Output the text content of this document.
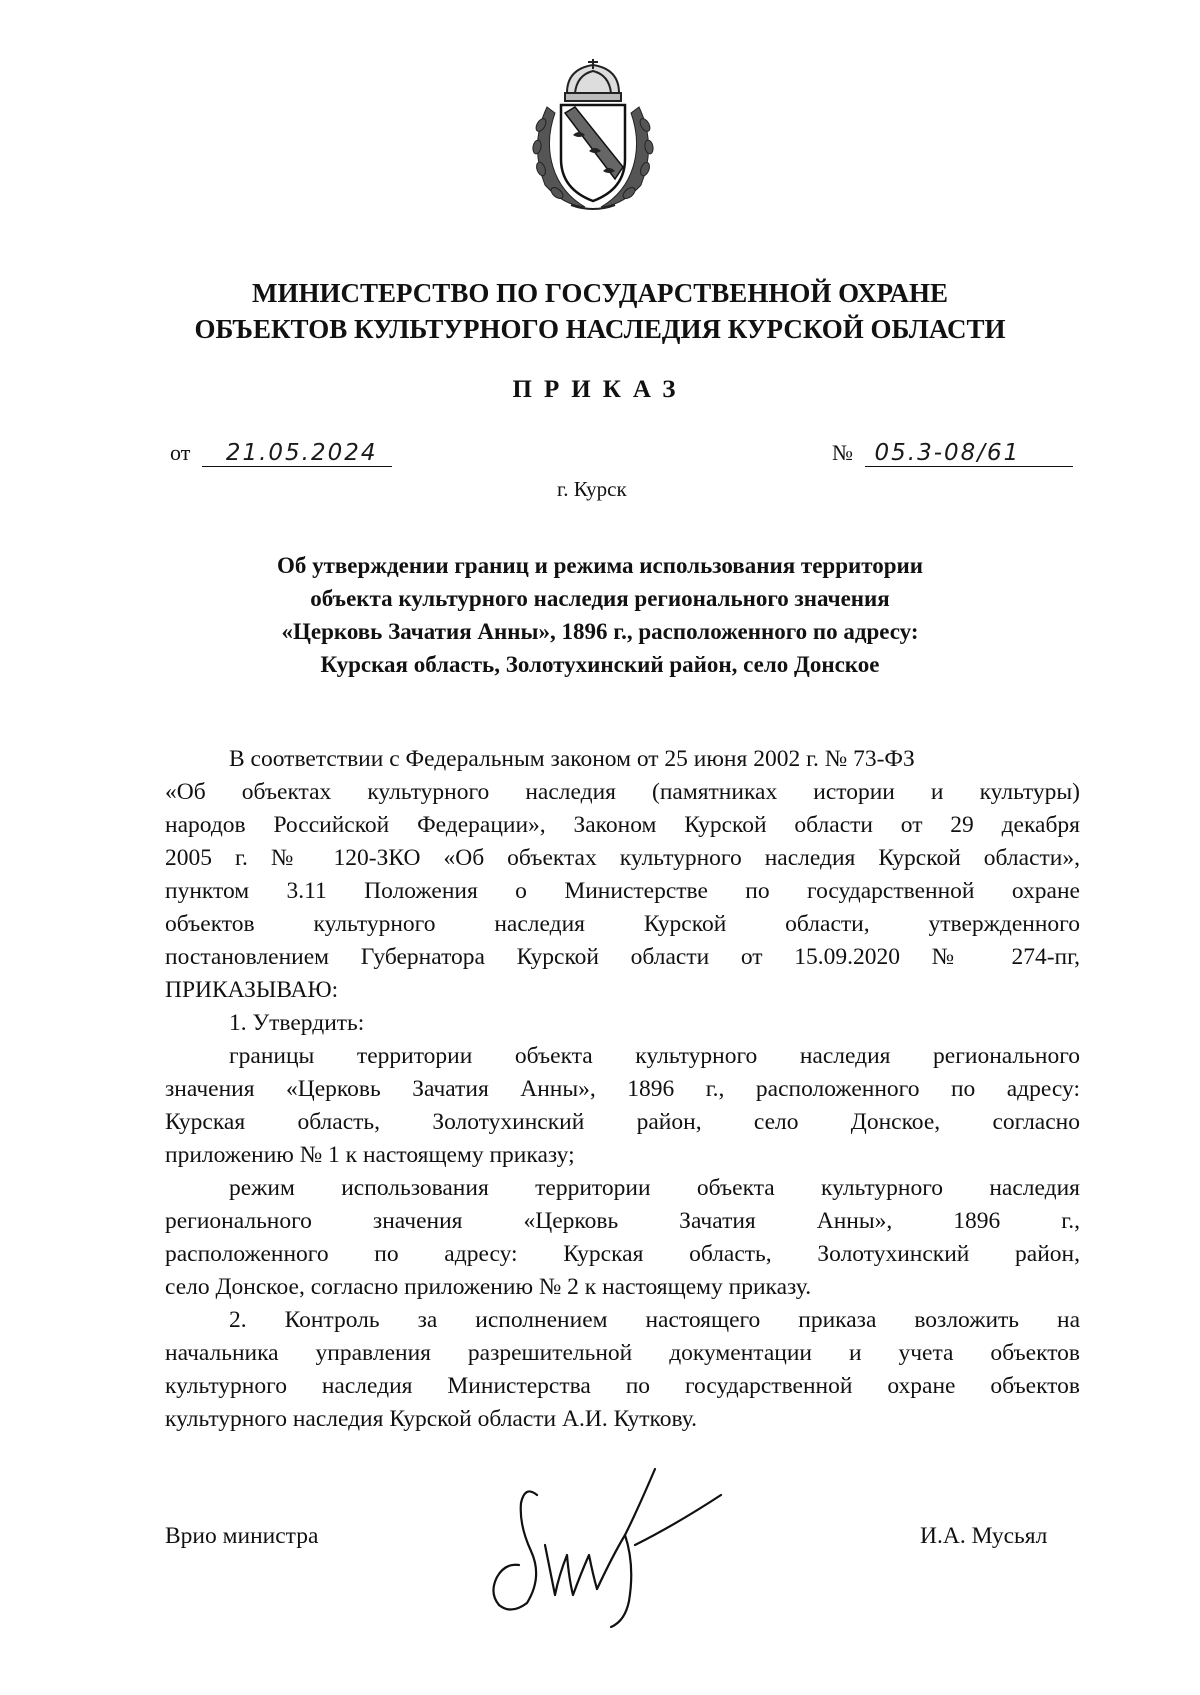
МИНИСТЕРСТВО ПО ГОСУДАРСТВЕННОЙ ОХРАНЕ
ОБЪЕКТОВ КУЛЬТУРНОГО НАСЛЕДИЯ КУРСКОЙ ОБЛАСТИ
ПРИКАЗ
от 21.05.2024	№ 05.3-08/61
г. Курск
Об утверждении границ и режима использования территории
объекта культурного наследия регионального значения
«Церковь Зачатия Анны», 1896 г., расположенного по адресу:
Курская область, Золотухинский район, село Донское
В соответствии с Федеральным законом от 25 июня 2002 г. № 73-ФЗ
«Об объектах культурного наследия (памятниках истории и культуры)
народов Российской Федерации», Законом Курской области от 29 декабря
2005 г. № 120-ЗКО «Об объектах культурного наследия Курской области»,
пунктом 3.11 Положения о Министерстве по государственной охране
объектов культурного наследия Курской области, утвержденного
постановлением Губернатора Курской области от 15.09.2020 № 274-пг,
ПРИКАЗЫВАЮ:
1. Утвердить:
границы территории объекта культурного наследия регионального
значения «Церковь Зачатия Анны», 1896 г., расположенного по адресу:
Курская область, Золотухинский район, село Донское, согласно
приложению № 1 к настоящему приказу;
режим использования территории объекта культурного наследия
регионального значения «Церковь Зачатия Анны», 1896 г.,
расположенного по адресу: Курская область, Золотухинский район,
село Донское, согласно приложению № 2 к настоящему приказу.
2. Контроль за исполнением настоящего приказа возложить на
начальника управления разрешительной документации и учета объектов
культурного наследия Министерства по государственной охране объектов
культурного наследия Курской области А.И. Куткову.
Врио министра	И.А. Мусьял
